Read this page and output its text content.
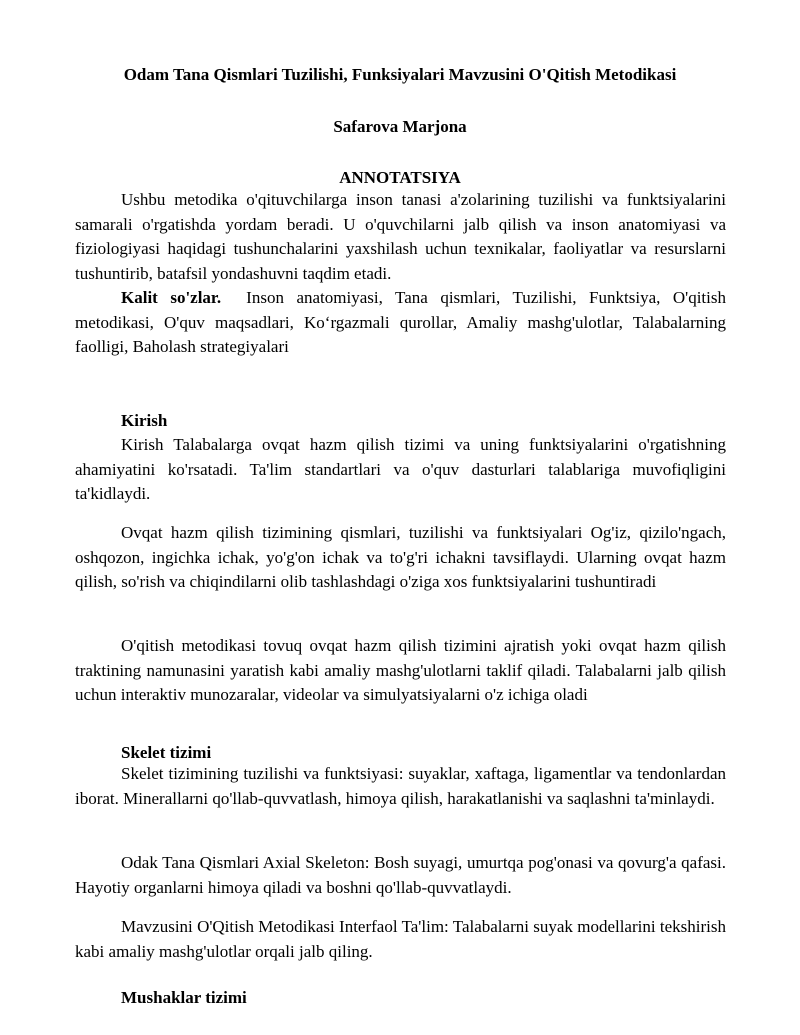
Odam Tana Qismlari Tuzilishi, Funksiyalari Mavzusini O'Qitish Metodikasi
Safarova Marjona
ANNOTATSIYA
Ushbu metodika o'qituvchilarga inson tanasi a'zolarining tuzilishi va funktsiyalarini samarali o'rgatishda yordam beradi. U o'quvchilarni jalb qilish va inson anatomiyasi va fiziologiyasi haqidagi tushunchalarini yaxshilash uchun texnikalar, faoliyatlar va resurslarni tushuntirib, batafsil yondashuvni taqdim etadi.
Kalit so'zlar. Inson anatomiyasi, Tana qismlari, Tuzilishi, Funktsiya, O'qitish metodikasi, O'quv maqsadlari, Ko‘rgazmali qurollar, Amaliy mashg'ulotlar, Talabalarning faolligi, Baholash strategiyalari
Kirish
Kirish Talabalarga ovqat hazm qilish tizimi va uning funktsiyalarini o'rgatishning ahamiyatini ko'rsatadi. Ta'lim standartlari va o'quv dasturlari talablariga muvofiqligini ta'kidlaydi.
Ovqat hazm qilish tizimining qismlari, tuzilishi va funktsiyalari Og'iz, qizilo'ngach, oshqozon, ingichka ichak, yo'g'on ichak va to'g'ri ichakni tavsiflaydi. Ularning ovqat hazm qilish, so'rish va chiqindilarni olib tashlashdagi o'ziga xos funktsiyalarini tushuntiradi
O'qitish metodikasi tovuq ovqat hazm qilish tizimini ajratish yoki ovqat hazm qilish traktining namunasini yaratish kabi amaliy mashg'ulotlarni taklif qiladi. Talabalarni jalb qilish uchun interaktiv munozaralar, videolar va simulyatsiyalarni o'z ichiga oladi
Skelet tizimi
Skelet tizimining tuzilishi va funktsiyasi: suyaklar, xaftaga, ligamentlar va tendonlardan iborat. Minerallarni qo'llab-quvvatlash, himoya qilish, harakatlanishi va saqlashni ta'minlaydi.
Odak Tana Qismlari Axial Skeleton: Bosh suyagi, umurtqa pog'onasi va qovurg'a qafasi. Hayotiy organlarni himoya qiladi va boshni qo'llab-quvvatlaydi.
Mavzusini O'Qitish Metodikasi Interfaol Ta'lim: Talabalarni suyak modellarini tekshirish kabi amaliy mashg'ulotlar orqali jalb qiling.
Mushaklar tizimi
